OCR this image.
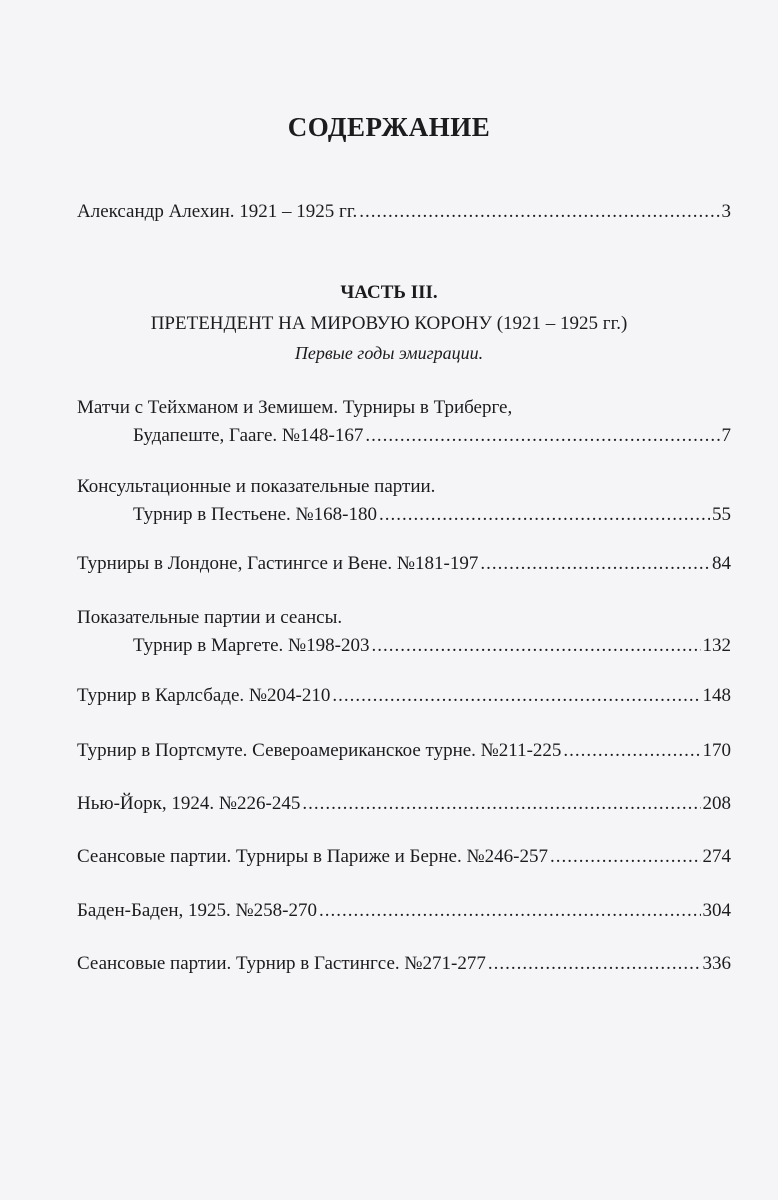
СОДЕРЖАНИЕ
Александр Алехин. 1921 – 1925 гг. .....	3
ЧАСТЬ III.
ПРЕТЕНДЕНТ НА МИРОВУЮ КОРОНУ (1921 – 1925 гг.)
Первые годы эмиграции.
Матчи с Тейхманом и Земишем. Турниры в Триберге,
Будапеште, Гааге. №148-167 .....	7
Консультационные и показательные партии.
Турнир в Пестьене. №168-180 .....	55
Турниры в Лондоне, Гастингсе и Вене. №181-197 .....	84
Показательные партии и сеансы.
Турнир в Маргете. №198-203 .....	132
Турнир в Карлсбаде. №204-210 .....	148
Турнир в Портсмуте. Североамериканское турне. №211-225 .....	170
Нью-Йорк, 1924. №226-245 .....	208
Сеансовые партии. Турниры в Париже и Берне. №246-257 .....	274
Баден-Баден, 1925. №258-270 .....	304
Сеансовые партии. Турнир в Гастингсе. №271-277 .....	336
